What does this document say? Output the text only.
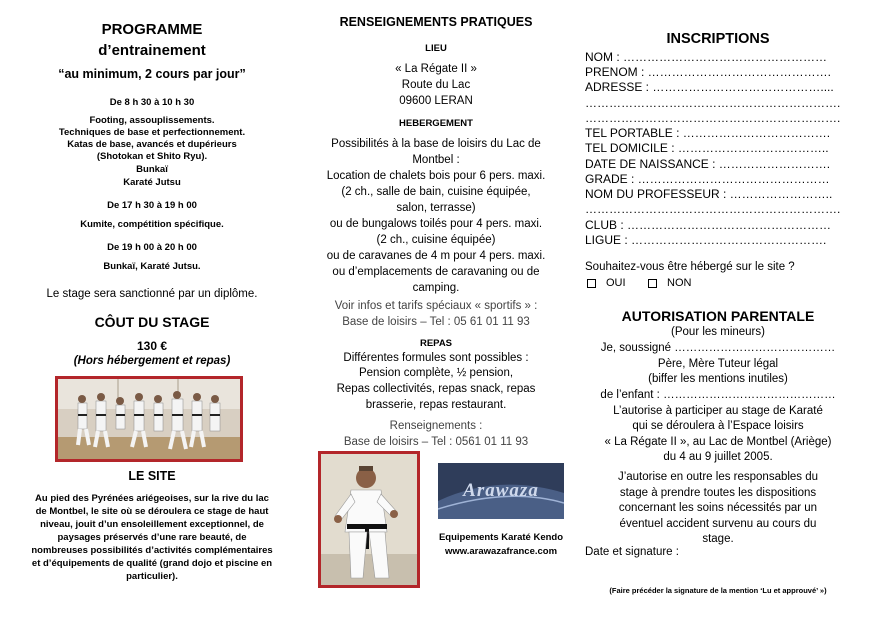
PROGRAMME
d’entrainement
“au minimum, 2 cours par jour”
De 8 h 30 à 10 h 30
Footing, assouplissements.
Techniques de base et perfectionnement.
Katas de base, avancés et dupérieurs
(Shotokan et Shito Ryu).
Bunkaï
Karaté Jutsu
De 17 h 30 à 19 h 00
Kumite, compétition spécifique.
De 19 h 00 à 20 h 00
Bunkaï, Karaté Jutsu.
Le stage sera sanctionné par un diplôme.
CÔUT DU STAGE
130 €
(Hors hébergement et repas)
LE SITE
Au pied des Pyrénées ariégeoises, sur la rive du lac
de Montbel, le site où se déroulera ce stage de haut
niveau, jouit d’un ensoleillement exceptionnel, de
paysages préservés d’une rare beauté, de
nombreuses possibilités d’activités complémentaires
et d’équipements de qualité (grand dojo et piscine en
particulier).
RENSEIGNEMENTS PRATIQUES
LIEU
« La Régate II »
Route du Lac
09600 LERAN
HEBERGEMENT
Possibilités à la base de loisirs du Lac de
Montbel :
Location de chalets bois pour 6 pers. maxi.
(2 ch., salle de bain, cuisine équipée,
salon, terrasse)
ou de bungalows toilés pour 4 pers. maxi.
(2 ch., cuisine équipée)
ou de caravanes de 4 m pour 4 pers. maxi.
ou d’emplacements de caravaning ou de
camping.
Voir infos et tarifs spéciaux « sportifs » :
Base de loisirs – Tel : 05 61 01 11 93
REPAS
Différentes formules sont possibles :
Pension complète, ½ pension,
Repas collectivités, repas snack, repas
brasserie, repas restaurant.
Renseignements :
Base de loisirs – Tel : 0561 01 11 93
Arawaza
Equipements Karaté Kendo
www.arawazafrance.com
INSCRIPTIONS
NOM : ……………………………………………
PRENOM : ……………………………………….
ADRESSE : ……………………………………....
……………………………………………………….
……………………………………………………….
TEL PORTABLE : ……………………………….
TEL DOMICILE : ………………………………..
DATE DE NAISSANCE : ……………………….
GRADE : …………………………………………
NOM DU PROFESSEUR : ……………………..
……………………………………………………….
CLUB : ……………………………………………
LIGUE : ………………………………………….
Souhaitez-vous être hébergé sur le site ?
OUI	NON
AUTORISATION PARENTALE
(Pour les mineurs)
Je, soussigné ……………………………………
Père, Mère Tuteur légal
(biffer les mentions inutiles)
de l’enfant : ………………………………………
L’autorise à participer au stage de Karaté
qui se déroulera à l’Espace loisirs
« La Régate II », au Lac de Montbel (Ariège)
du 4 au 9 juillet 2005.
J’autorise en outre les responsables du
stage à prendre toutes les dispositions
concernant les soins nécessités par un
éventuel accident survenu au cours du
stage.
Date et signature :
(Faire précéder la signature de la mention ‘Lu et approuvé’ »)
